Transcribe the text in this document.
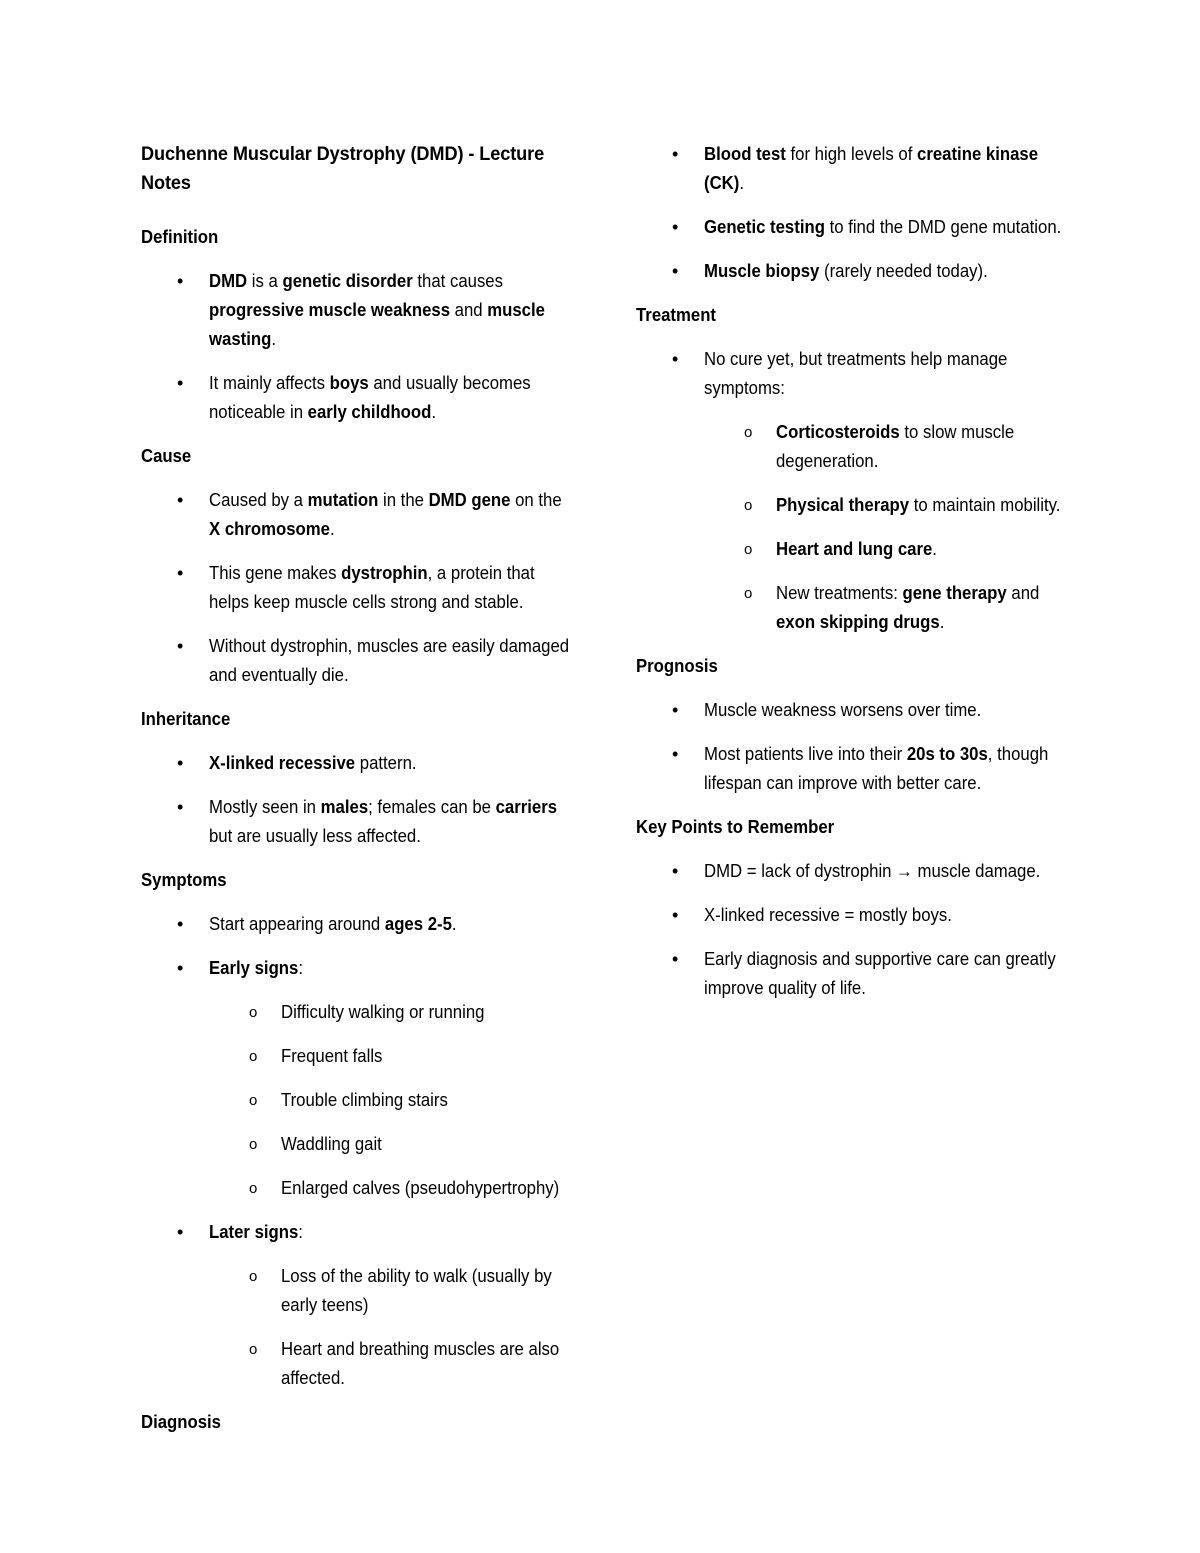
Duchenne Muscular Dystrophy (DMD) - Lecture Notes
Definition
• DMD is a genetic disorder that causes progressive muscle weakness and muscle wasting.
• It mainly affects boys and usually becomes noticeable in early childhood.
Cause
• Caused by a mutation in the DMD gene on the X chromosome.
• This gene makes dystrophin, a protein that helps keep muscle cells strong and stable.
• Without dystrophin, muscles are easily damaged and eventually die.
Inheritance
• X-linked recessive pattern.
• Mostly seen in males; females can be carriers but are usually less affected.
Symptoms
• Start appearing around ages 2-5.
• Early signs:
o Difficulty walking or running
o Frequent falls
o Trouble climbing stairs
o Waddling gait
o Enlarged calves (pseudohypertrophy)
• Later signs:
o Loss of the ability to walk (usually by early teens)
o Heart and breathing muscles are also affected.
Diagnosis
• Blood test for high levels of creatine kinase (CK).
• Genetic testing to find the DMD gene mutation.
• Muscle biopsy (rarely needed today).
Treatment
• No cure yet, but treatments help manage symptoms:
o Corticosteroids to slow muscle degeneration.
o Physical therapy to maintain mobility.
o Heart and lung care.
o New treatments: gene therapy and exon skipping drugs.
Prognosis
• Muscle weakness worsens over time.
• Most patients live into their 20s to 30s, though lifespan can improve with better care.
Key Points to Remember
• DMD = lack of dystrophin → muscle damage.
• X-linked recessive = mostly boys.
• Early diagnosis and supportive care can greatly improve quality of life.
